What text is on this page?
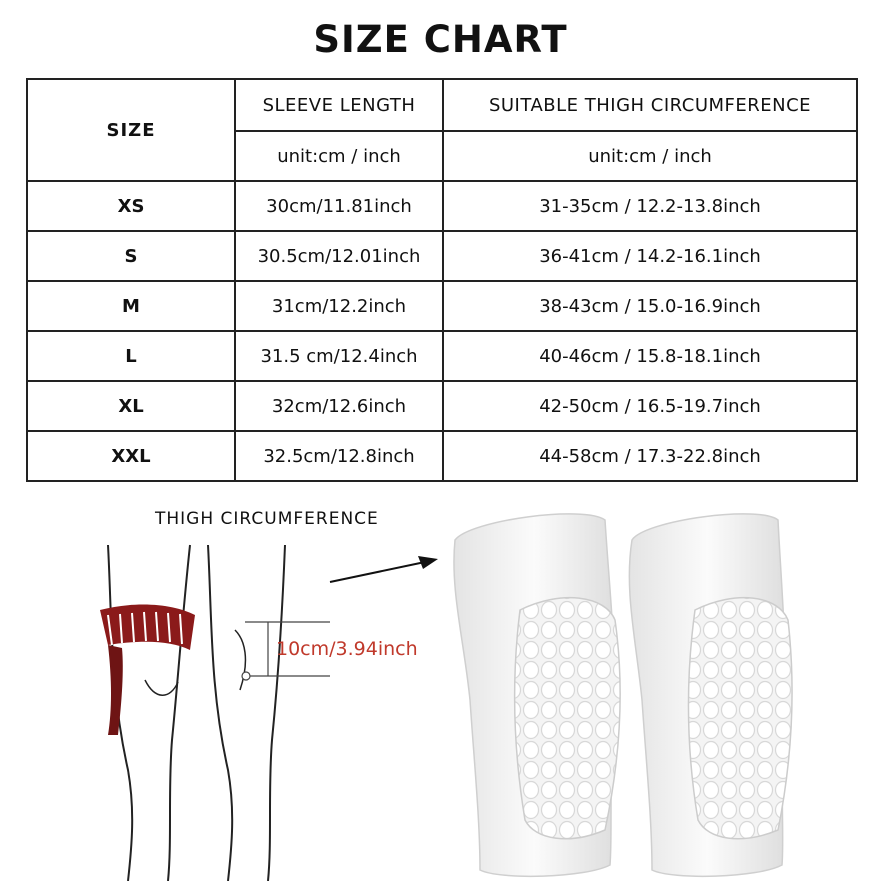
SIZE CHART
SIZE	SLEEVE LENGTH	SUITABLE THIGH CIRCUMFERENCE
	unit:cm / inch	unit:cm / inch
XS	30cm/11.81inch	31-35cm / 12.2-13.8inch
S	30.5cm/12.01inch	36-41cm / 14.2-16.1inch
M	31cm/12.2inch	38-43cm / 15.0-16.9inch
L	31.5 cm/12.4inch	40-46cm / 15.8-18.1inch
XL	32cm/12.6inch	42-50cm / 16.5-19.7inch
XXL	32.5cm/12.8inch	44-58cm / 17.3-22.8inch
THIGH CIRCUMFERENCE
10cm/3.94inch
